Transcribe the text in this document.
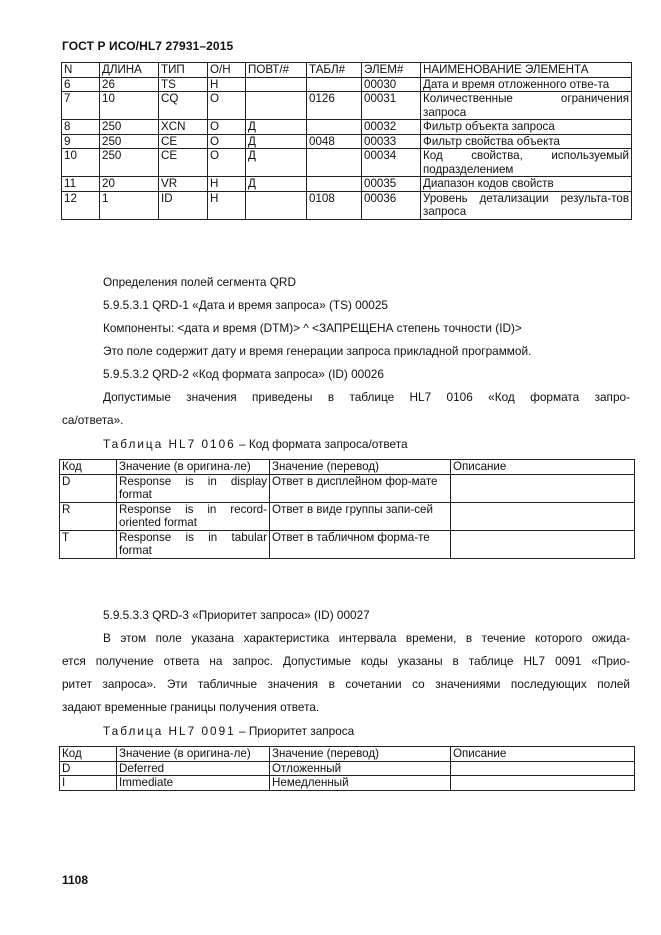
ГОСТ Р ИСО/HL7 27931–2015
N	ДЛИНА	ТИП	О/Н	ПОВТ/#	ТАБЛ#	ЭЛЕМ#	НАИМЕНОВАНИЕ ЭЛЕМЕНТА
6	26	TS	Н			00030	Дата и время отложенного отве-та
7	10	CQ	О		0126	00031	Количественные ограничения запроса
8	250	XCN	О	Д		00032	Фильтр объекта запроса
9	250	CE	О	Д	0048	00033	Фильтр свойства объекта
10	250	CE	О	Д		00034	Код свойства, используемый подразделением
11	20	VR	Н	Д		00035	Диапазон кодов свойств
12	1	ID	Н		0108	00036	Уровень детализации результа-тов запроса
Определения полей сегмента QRD
5.9.5.3.1 QRD-1 «Дата и время запроса» (TS) 00025
Компоненты: <дата и время (DTM)> ^ <ЗАПРЕЩЕНА степень точности (ID)>
Это поле содержит дату и время генерации запроса прикладной программой.
5.9.5.3.2 QRD-2 «Код формата запроса» (ID) 00026
Допустимые значения приведены в таблице HL7 0106 «Код формата запро-
са/ответа».
Таблица HL7 0106 – Код формата запроса/ответа
Код	Значение (в оригина-ле)	Значение (перевод)	Описание
D	Response is in display format	Ответ в дисплейном фор-мате	
R	Response is in record-oriented format	Ответ в виде группы запи-сей	
T	Response is in tabular format	Ответ в табличном форма-те	
5.9.5.3.3 QRD-3 «Приоритет запроса» (ID) 00027
В этом поле указана характеристика интервала времени, в течение которого ожида-
ется получение ответа на запрос. Допустимые коды указаны в таблице HL7 0091 «Прио-
ритет запроса». Эти табличные значения в сочетании со значениями последующих полей
задают временные границы получения ответа.
Таблица HL7 0091 – Приоритет запроса
Код	Значение (в оригина-ле)	Значение (перевод)	Описание
D	Deferred	Отложенный	
I	Immediate	Немедленный	
1108
